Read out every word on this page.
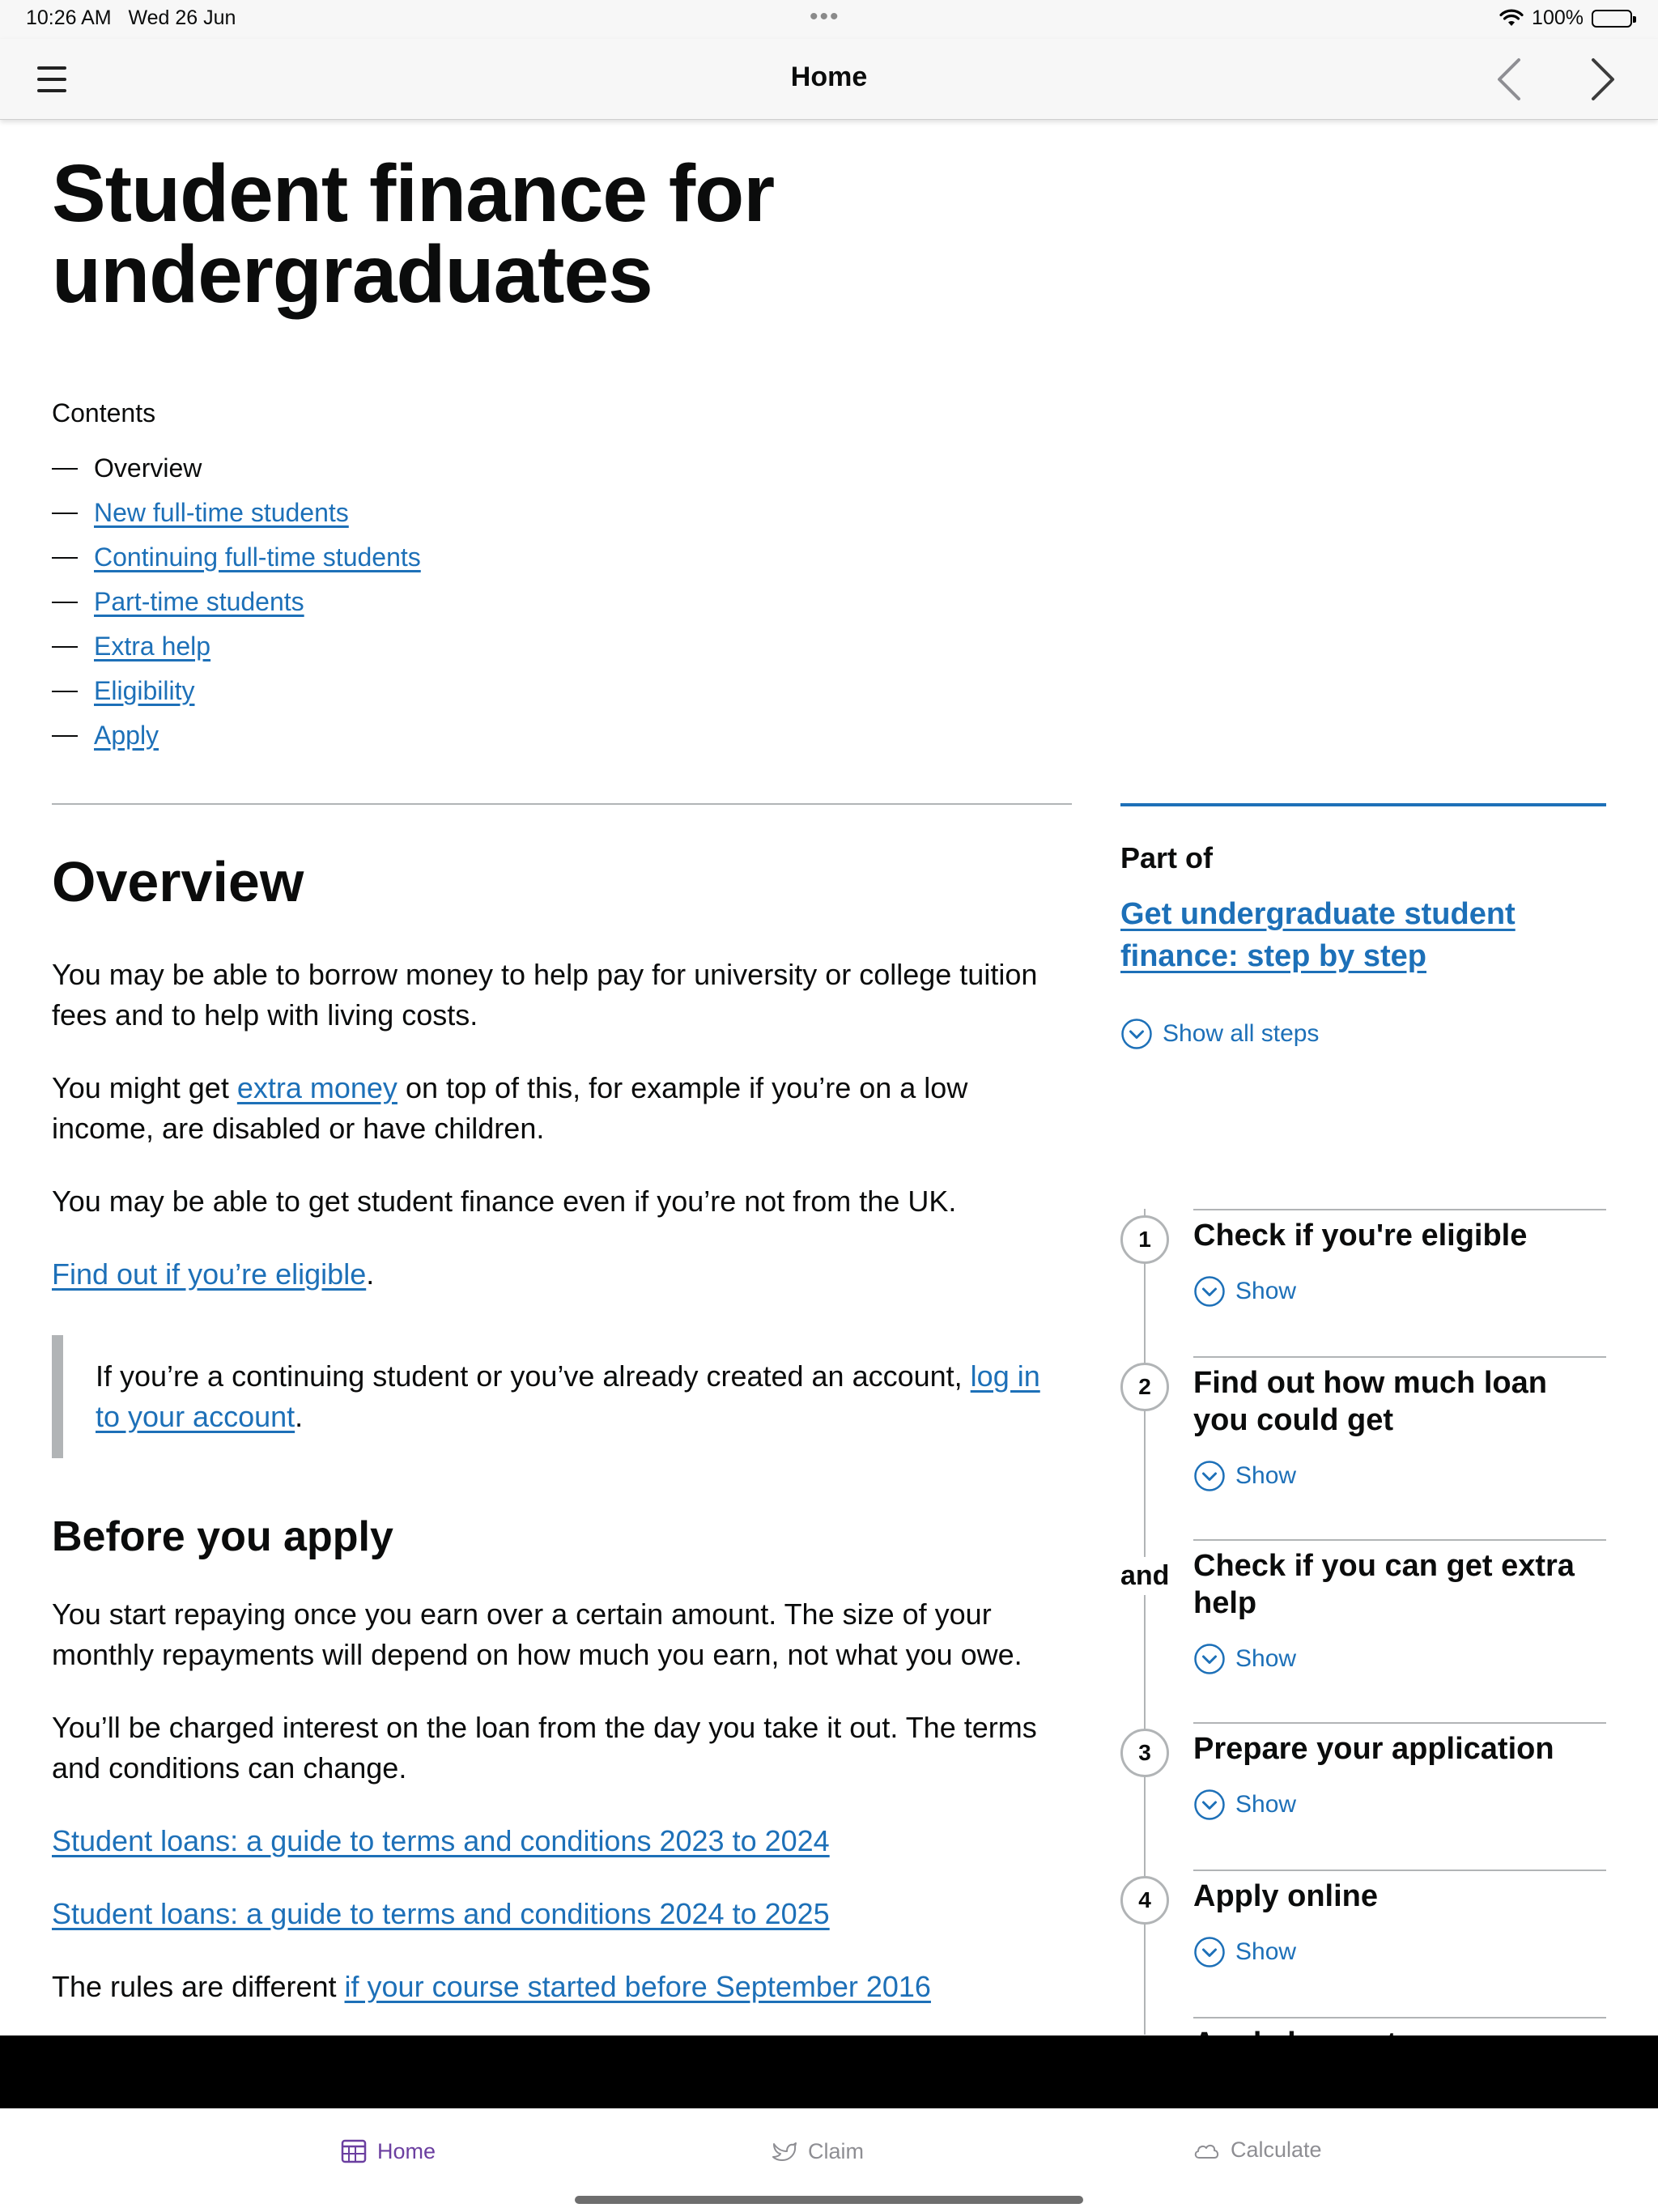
10:26 AM Wed 26 Jun	•••	100%
Home
Student finance for undergraduates
Contents
Overview
New full-time students
Continuing full-time students
Part-time students
Extra help
Eligibility
Apply
Overview

You may be able to borrow money to help pay for university or college tuition fees and to help with living costs.

You might get extra money on top of this, for example if you’re on a low income, are disabled or have children.

You may be able to get student finance even if you’re not from the UK.

Find out if you’re eligible.

If you’re a continuing student or you’ve already created an account, log in to your account.
Before you apply

You start repaying once you earn over a certain amount. The size of your monthly repayments will depend on how much you earn, not what you owe.

You’ll be charged interest on the loan from the day you take it out. The terms and conditions can change.

Student loans: a guide to terms and conditions 2023 to 2024

Student loans: a guide to terms and conditions 2024 to 2025

The rules are different if your course started before September 2016

Part of
Get undergraduate student finance: step by step
Show all steps
1	Check if you're eligible
Show
2	Find out how much loan you could get
Show
and Check if you can get extra help
Show
3	Prepare your application
Show
4	Apply online
Show
Home	Claim	Calculate
